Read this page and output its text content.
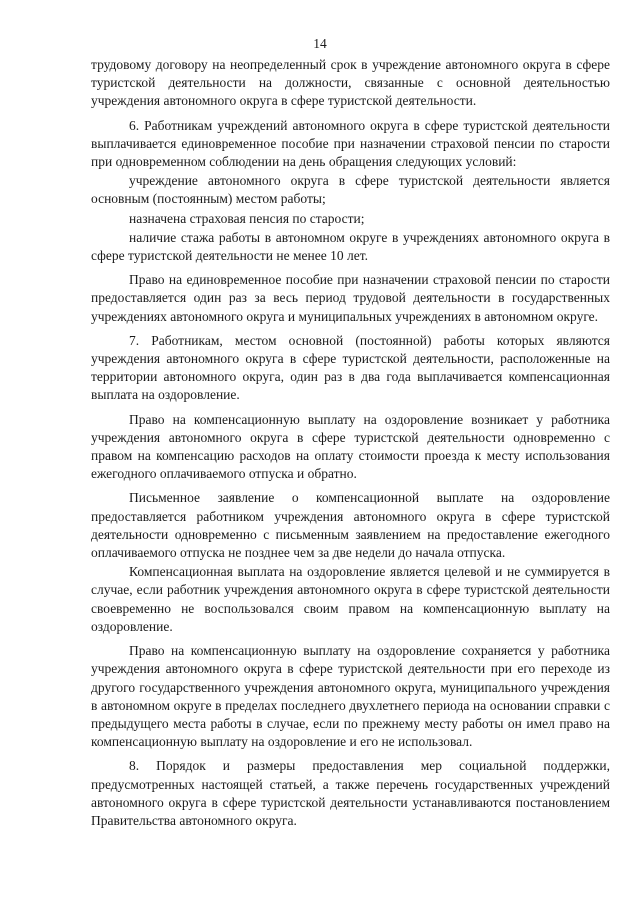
14

трудовому договору на неопределенный срок в учреждение автономного округа в сфере туристской деятельности на должности, связанные с основной деятельностью учреждения автономного округа в сфере туристской деятельности.

6. Работникам учреждений автономного округа в сфере туристской деятельности выплачивается единовременное пособие при назначении страховой пенсии по старости при одновременном соблюдении на день обращения следующих условий:

учреждение автономного округа в сфере туристской деятельности является основным (постоянным) местом работы;

назначена страховая пенсия по старости;

наличие стажа работы в автономном округе в учреждениях автономного округа в сфере туристской деятельности не менее 10 лет.

Право на единовременное пособие при назначении страховой пенсии по старости предоставляется один раз за весь период трудовой деятельности в государственных учреждениях автономного округа и муниципальных учреждениях в автономном округе.

7. Работникам, местом основной (постоянной) работы которых являются учреждения автономного округа в сфере туристской деятельности, расположенные на территории автономного округа, один раз в два года выплачивается компенсационная выплата на оздоровление.

Право на компенсационную выплату на оздоровление возникает у работника учреждения автономного округа в сфере туристской деятельности одновременно с правом на компенсацию расходов на оплату стоимости проезда к месту использования ежегодного оплачиваемого отпуска и обратно.

Письменное заявление о компенсационной выплате на оздоровление предоставляется работником учреждения автономного округа в сфере туристской деятельности одновременно с письменным заявлением на предоставление ежегодного оплачиваемого отпуска не позднее чем за две недели до начала отпуска.

Компенсационная выплата на оздоровление является целевой и не суммируется в случае, если работник учреждения автономного округа в сфере туристской деятельности своевременно не воспользовался своим правом на компенсационную выплату на оздоровление.

Право на компенсационную выплату на оздоровление сохраняется у работника учреждения автономного округа в сфере туристской деятельности при его переходе из другого государственного учреждения автономного округа, муниципального учреждения в автономном округе в пределах последнего двухлетнего периода на основании справки с предыдущего места работы в случае, если по прежнему месту работы он имел право на компенсационную выплату на оздоровление и его не использовал.

8. Порядок и размеры предоставления мер социальной поддержки, предусмотренных настоящей статьей, а также перечень государственных учреждений автономного округа в сфере туристской деятельности устанавливаются постановлением Правительства автономного округа.
